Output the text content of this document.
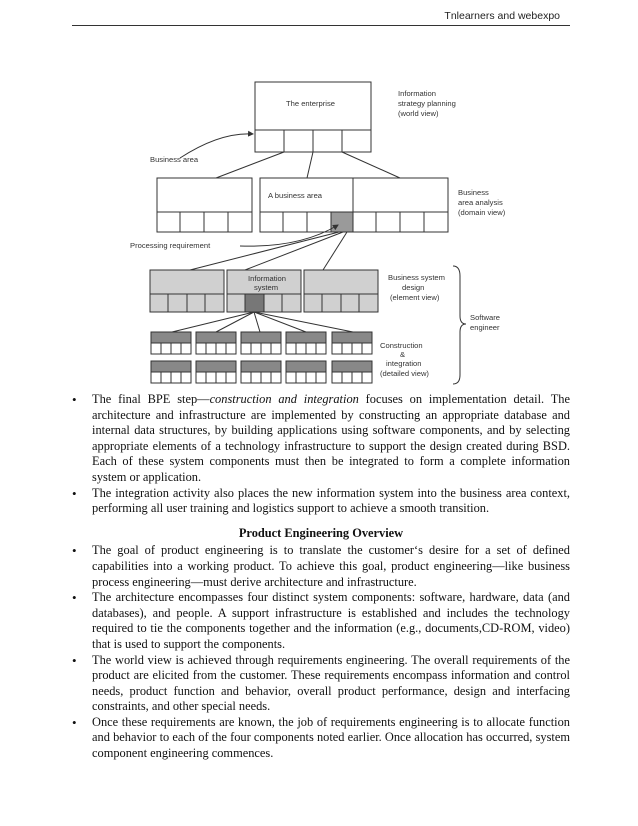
Tnlearners and webexpo
The enterprise
Information
strategy planning
(world view)
Business area
A business area	Business
area analysis
(domain view)
Processing requirement
Information
system
Business system
design
(element view)
Software
engineer
Construction
&
integration
(detailed view)
• The final BPE step—construction and integration focuses on implementation detail. The architecture and infrastructure are implemented by constructing an appropriate database and internal data structures, by building applications using software components, and by selecting appropriate elements of a technology infrastructure to support the design created during BSD. Each of these system components must then be integrated to form a complete information system or application.
• The integration activity also places the new information system into the business area context, performing all user training and logistics support to achieve a smooth transition.
Product Engineering Overview
• The goal of product engineering is to translate the customer‘s desire for a set of defined capabilities into a working product. To achieve this goal, product engineering—like business process engineering—must derive architecture and infrastructure.
• The architecture encompasses four distinct system components: software, hardware, data (and databases), and people. A support infrastructure is established and includes the technology required to tie the components together and the information (e.g., documents,CD-ROM, video) that is used to support the components.
• The world view is achieved through requirements engineering. The overall requirements of the product are elicited from the customer. These requirements encompass information and control needs, product function and behavior, overall product performance, design and interfacing constraints, and other special needs.
• Once these requirements are known, the job of requirements engineering is to allocate function and behavior to each of the four components noted earlier. Once allocation has occurred, system component engineering commences.
